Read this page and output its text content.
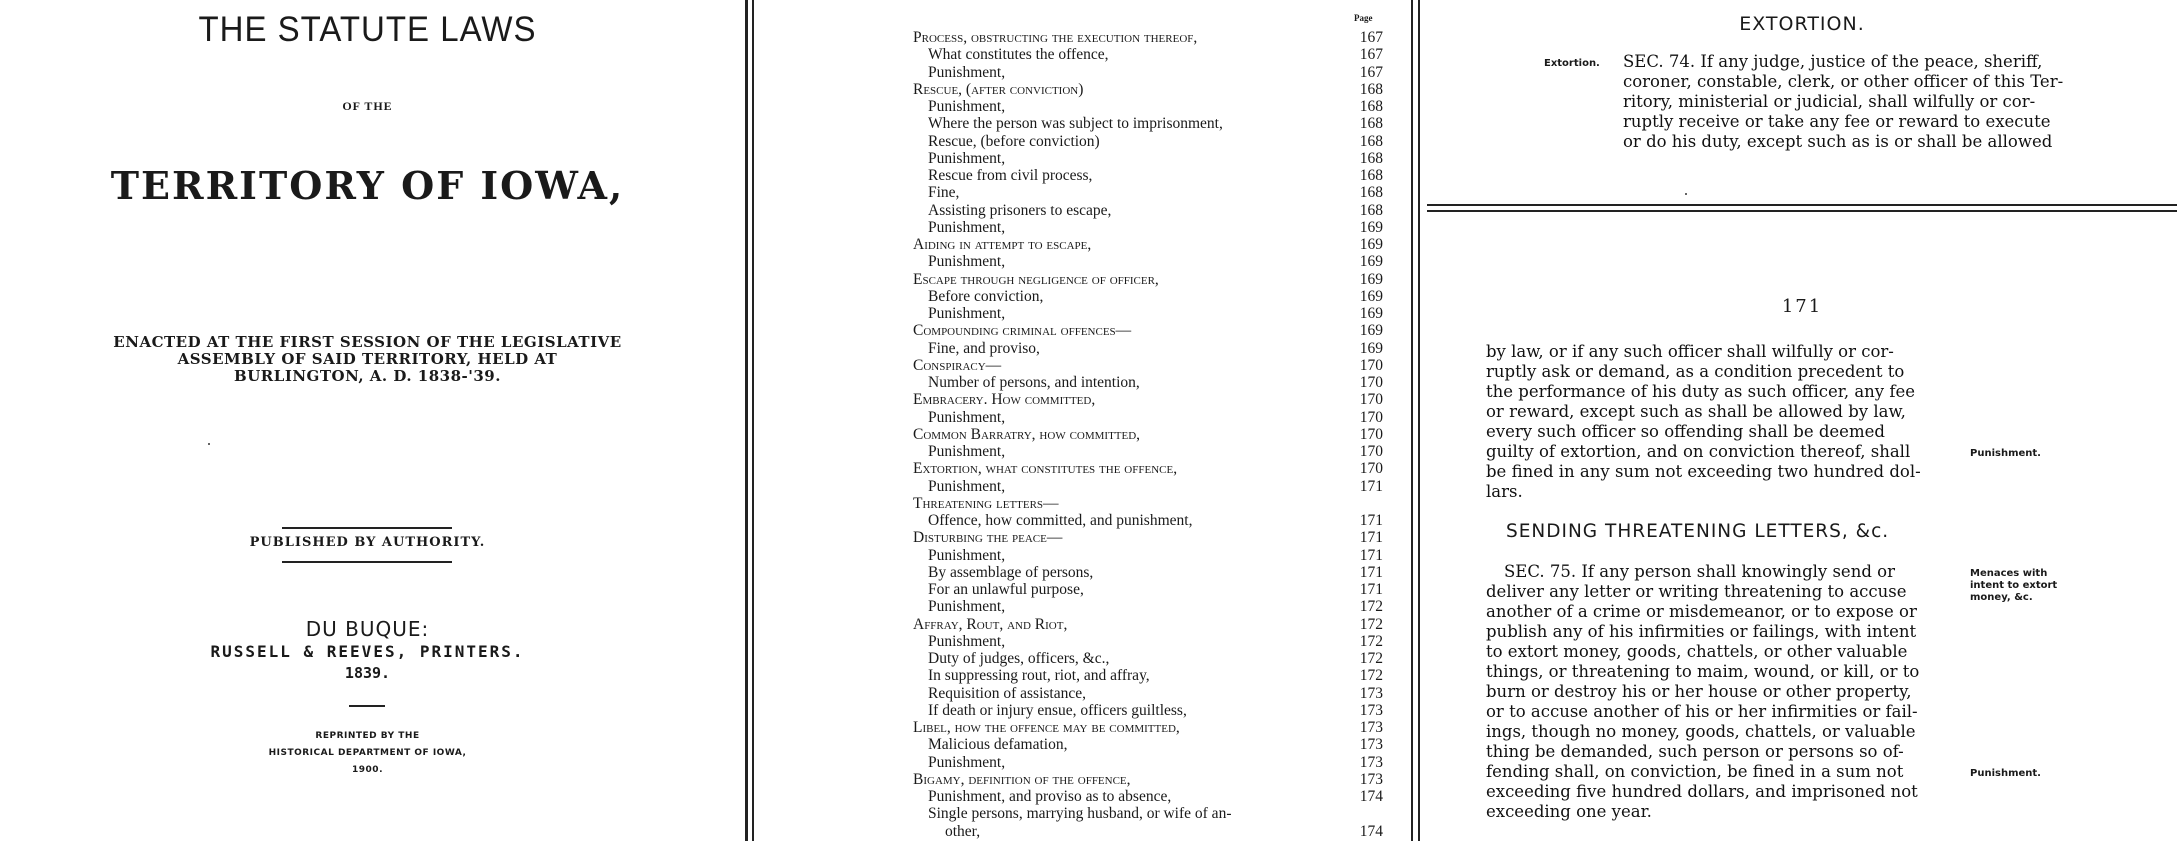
THE STATUTE LAWS
OF THE
TERRITORY OF IOWA,
ENACTED AT THE FIRST SESSION OF THE LEGISLATIVE
ASSEMBLY OF SAID TERRITORY, HELD AT
BURLINGTON, A. D. 1838-'39.
PUBLISHED BY AUTHORITY.
DU BUQUE:
RUSSELL & REEVES, PRINTERS.
1839.
REPRINTED BY THE
HISTORICAL DEPARTMENT OF IOWA,
1900.
Page
Process, obstructing the execution thereof,	167
What constitutes the offence,	167
Punishment,	167
Rescue, (after conviction)	168
Punishment,	168
Where the person was subject to imprisonment,	168
Rescue, (before conviction)	168
Punishment,	168
Rescue from civil process,	168
Fine,	168
Assisting prisoners to escape,	168
Punishment,	169
Aiding in attempt to escape,	169
Punishment,	169
Escape through negligence of officer,	169
Before conviction,	169
Punishment,	169
Compounding criminal offences—	169
Fine, and proviso,	169
Conspiracy—	170
Number of persons, and intention,	170
Embracery. How committed,	170
Punishment,	170
Common Barratry, how committed,	170
Punishment,	170
Extortion, what constitutes the offence,	170
Punishment,	171
Threatening letters—
Offence, how committed, and punishment,	171
Disturbing the peace—	171
Punishment,	171
By assemblage of persons,	171
For an unlawful purpose,	171
Punishment,	172
Affray, Rout, and Riot,	172
Punishment,	172
Duty of judges, officers, &c.,	172
In suppressing rout, riot, and affray,	172
Requisition of assistance,	173
If death or injury ensue, officers guiltless,	173
Libel, how the offence may be committed,	173
Malicious defamation,	173
Punishment,	173
Bigamy, definition of the offence,	173
Punishment, and proviso as to absence,	174
Single persons, marrying husband, or wife of an-
other,	174
EXTORTION.
Extortion. SEC. 74. If any judge, justice of the peace, sheriff,
coroner, constable, clerk, or other officer of this Ter-
ritory, ministerial or judicial, shall wilfully or cor-
ruptly receive or take any fee or reward to execute
or do his duty, except such as is or shall be allowed
171
by law, or if any such officer shall wilfully or cor-
ruptly ask or demand, as a condition precedent to
the performance of his duty as such officer, any fee
or reward, except such as shall be allowed by law,
every such officer so offending shall be deemed
guilty of extortion, and on conviction thereof, shall
be fined in any sum not exceeding two hundred dol-
lars.
Punishment.
SENDING THREATENING LETTERS, &c.
SEC. 75. If any person shall knowingly send or
deliver any letter or writing threatening to accuse
another of a crime or misdemeanor, or to expose or
publish any of his infirmities or failings, with intent
to extort money, goods, chattels, or other valuable
things, or threatening to maim, wound, or kill, or to
burn or destroy his or her house or other property,
or to accuse another of his or her infirmities or fail-
ings, though no money, goods, chattels, or valuable
thing be demanded, such person or persons so of-
fending shall, on conviction, be fined in a sum not
exceeding five hundred dollars, and imprisoned not
exceeding one year.
Menaces with
intent to extort
money, &c.
Punishment.
